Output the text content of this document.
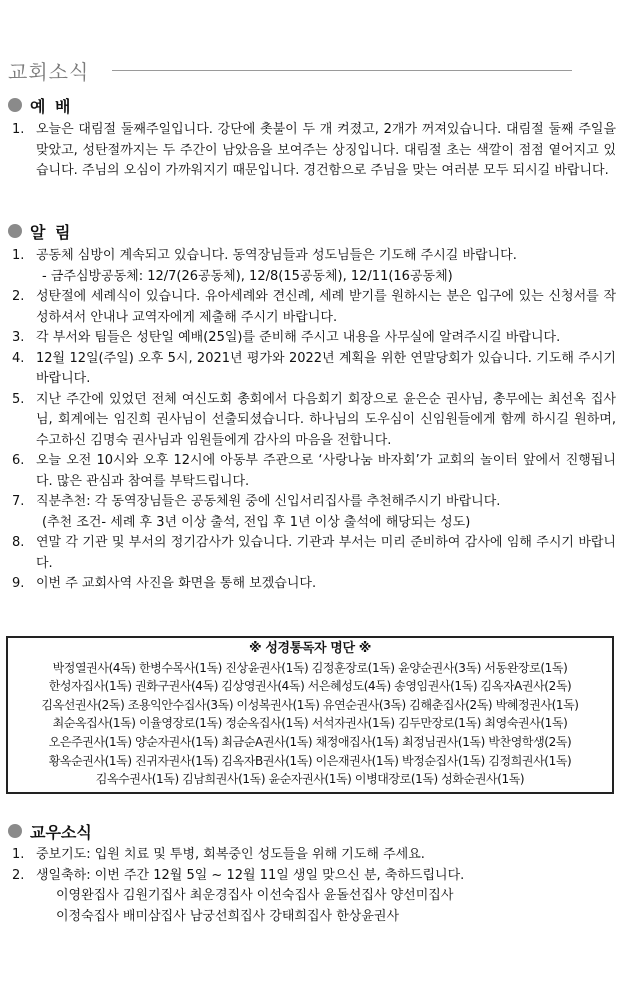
교회소식
예 배
1. 오늘은 대림절 둘째주일입니다. 강단에 촛불이 두 개 켜졌고, 2개가 꺼져있습니다. 대림절 둘째 주일을 맞았고, 성탄절까지는 두 주간이 남았음을 보여주는 상징입니다. 대림절 초는 색깔이 점점 옅어지고 있습니다. 주님의 오심이 가까워지기 때문입니다. 경건함으로 주님을 맞는 여러분 모두 되시길 바랍니다.
알 림
1. 공동체 심방이 계속되고 있습니다. 동역장님들과 성도님들은 기도해 주시길 바랍니다.
- 금주심방공동체: 12/7(26공동체), 12/8(15공동체), 12/11(16공동체)
2. 성탄절에 세례식이 있습니다. 유아세례와 견신례, 세례 받기를 원하시는 분은 입구에 있는 신청서를 작성하셔서 안내나 교역자에게 제출해 주시기 바랍니다.
3. 각 부서와 팀들은 성탄일 예배(25일)를 준비해 주시고 내용을 사무실에 알려주시길 바랍니다.
4. 12월 12일(주일) 오후 5시, 2021년 평가와 2022년 계획을 위한 연말당회가 있습니다. 기도해 주시기 바랍니다.
5. 지난 주간에 있었던 전체 여신도회 총회에서 다음회기 회장으로 윤은순 권사님, 총무에는 최선옥 집사님, 회계에는 임진희 권사님이 선출되셨습니다. 하나님의 도우심이 신임원들에게 함께 하시길 원하며, 수고하신 김명숙 권사님과 임원들에게 감사의 마음을 전합니다.
6. 오늘 오전 10시와 오후 12시에 아동부 주관으로 ‘사랑나눔 바자회’가 교회의 놀이터 앞에서 진행됩니다. 많은 관심과 참여를 부탁드립니다.
7. 직분추천: 각 동역장님들은 공동체원 중에 신입서리집사를 추천해주시기 바랍니다.
(추천 조건- 세례 후 3년 이상 출석, 전입 후 1년 이상 출석에 해당되는 성도)
8. 연말 각 기관 및 부서의 정기감사가 있습니다. 기관과 부서는 미리 준비하여 감사에 임해 주시기 바랍니다.
9. 이번 주 교회사역 사진을 화면을 통해 보겠습니다.
※ 성경통독자 명단 ※
박정열권사(4독) 한병수목사(1독) 진상윤권사(1독) 김정훈장로(1독) 윤양순권사(3독) 서동완장로(1독)
한성자집사(1독) 권화구권사(4독) 김상영권사(4독) 서은혜성도(4독) 송영임권사(1독) 김옥자A권사(2독)
김옥선권사(2독) 조용익안수집사(3독) 이성복권사(1독) 유연순권사(3독) 김해춘집사(2독) 박혜정권사(1독)
최순옥집사(1독) 이율영장로(1독) 정순옥집사(1독) 서석자권사(1독) 김두만장로(1독) 최영숙권사(1독)
오은주권사(1독) 양순자권사(1독) 최금순A권사(1독) 채정애집사(1독) 최정님권사(1독) 박찬영학생(2독)
황옥순권사(1독) 진귀자권사(1독) 김옥자B권사(1독) 이은재권사(1독) 박정순집사(1독) 김정희권사(1독)
김옥수권사(1독) 김남희권사(1독) 윤순자권사(1독) 이병대장로(1독) 성화순권사(1독)
교우소식
1. 중보기도: 입원 치료 및 투병, 회복중인 성도들을 위해 기도해 주세요.
2. 생일축하: 이번 주간 12월 5일 ~ 12월 11일 생일 맞으신 분, 축하드립니다.
이영완집사 김원기집사 최운경집사 이선숙집사 윤돌선집사 양선미집사
이정숙집사 배미삼집사 남궁선희집사 강태희집사 한상윤권사
